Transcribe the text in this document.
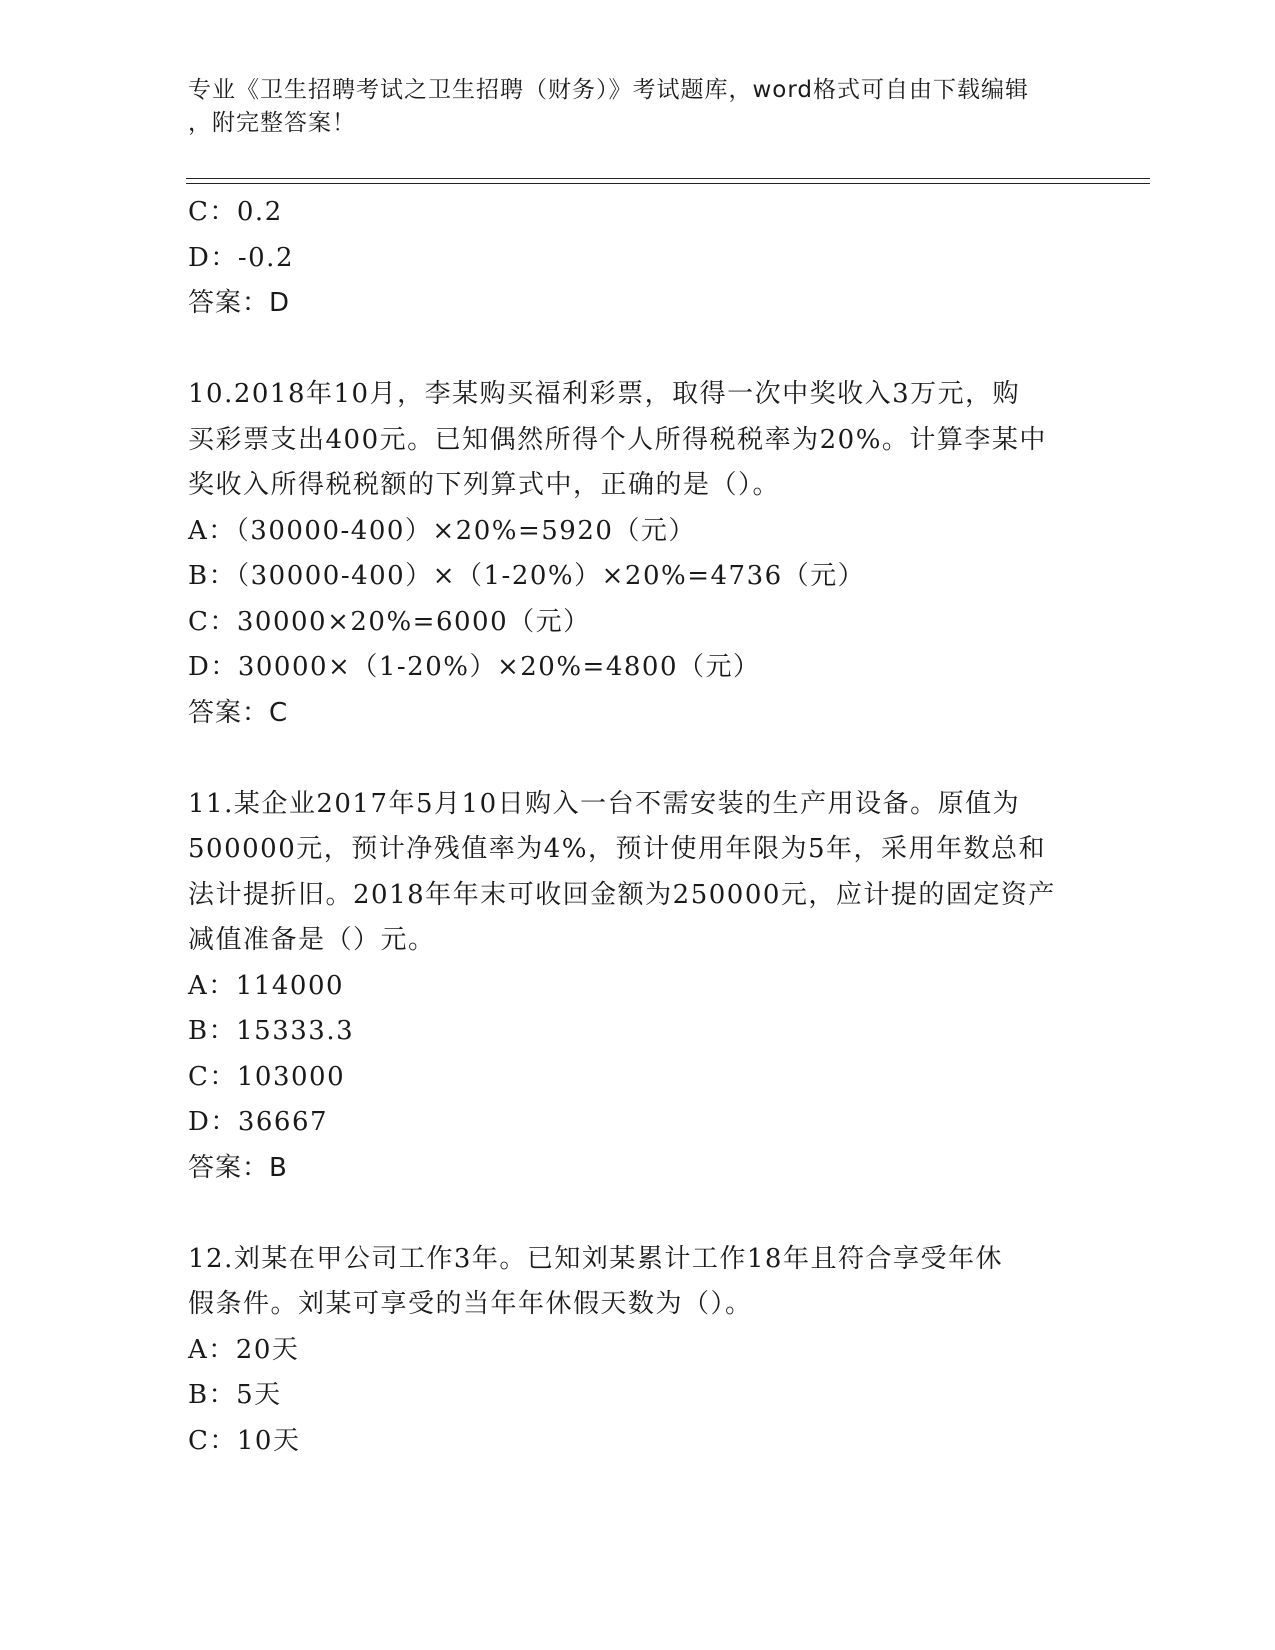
专业《卫生招聘考试之卫生招聘（财务）》考试题库，word格式可自由下载编辑
，附完整答案！
C：0.2
D：-0.2
答案：D
10.2018年10月，李某购买福利彩票，取得一次中奖收入3万元，购
买彩票支出400元。已知偶然所得个人所得税税率为20%。计算李某中
奖收入所得税税额的下列算式中，正确的是（）。
A：（30000-400）×20%=5920（元）
B：（30000-400）×（1-20%）×20%=4736（元）
C：30000×20%=6000（元）
D：30000×（1-20%）×20%=4800（元）
答案：C
11.某企业2017年5月10日购入一台不需安装的生产用设备。原值为
500000元，预计净残值率为4%，预计使用年限为5年，采用年数总和
法计提折旧。2018年年末可收回金额为250000元，应计提的固定资产
减值准备是（）元。
A：114000
B：15333.3
C：103000
D：36667
答案：B
12.刘某在甲公司工作3年。已知刘某累计工作18年且符合享受年休
假条件。刘某可享受的当年年休假天数为（）。
A：20天
B：5天
C：10天
